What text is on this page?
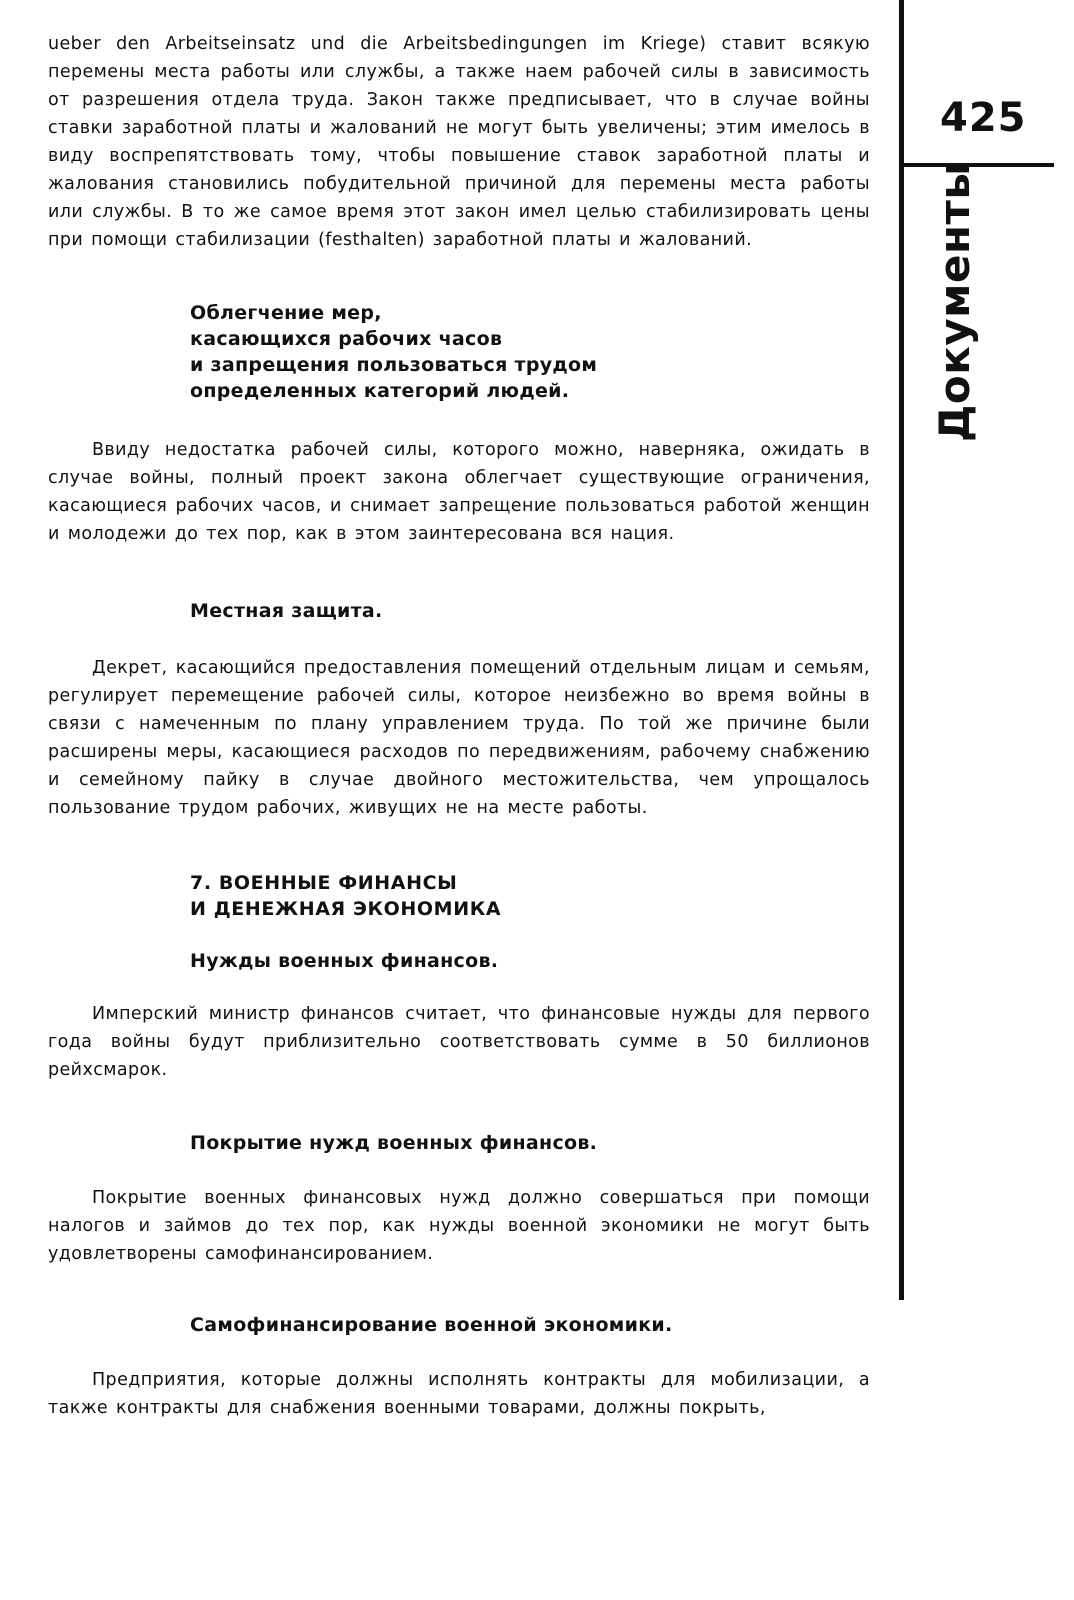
ueber den Arbeitseinsatz und die Arbeitsbedingungen im Kriege) ставит всякую перемены места работы или службы, а также наем рабочей силы в зависимость от разрешения отдела труда. Закон также предписывает, что в случае войны ставки заработной платы и жалований не могут быть увеличены; этим имелось в виду воспрепятствовать тому, чтобы повышение ставок заработной платы и жалования становились побудительной причиной для перемены места работы или службы. В то же самое время этот закон имел целью стабилизировать цены при помощи стабилизации (festhalten) заработной платы и жалований.

Облегчение мер,
касающихся рабочих часов
и запрещения пользоваться трудом
определенных категорий людей.

Ввиду недостатка рабочей силы, которого можно, наверняка, ожидать в случае войны, полный проект закона облегчает существующие ограничения, касающиеся рабочих часов, и снимает запрещение пользоваться работой женщин и молодежи до тех пор, как в этом заинтересована вся нация.

Местная защита.

Декрет, касающийся предоставления помещений отдельным лицам и семьям, регулирует перемещение рабочей силы, которое неизбежно во время войны в связи с намеченным по плану управлением труда. По той же причине были расширены меры, касающиеся расходов по передвижениям, рабочему снабжению и семейному пайку в случае двойного местожительства, чем упрощалось пользование трудом рабочих, живущих не на месте работы.

7. ВОЕННЫЕ ФИНАНСЫ
И ДЕНЕЖНАЯ ЭКОНОМИКА
Нужды военных финансов.

Имперский министр финансов считает, что финансовые нужды для первого года войны будут приблизительно соответствовать сумме в 50 биллионов рейхсмарок.

Покрытие нужд военных финансов.

Покрытие военных финансовых нужд должно совершаться при помощи налогов и займов до тех пор, как нужды военной экономики не могут быть удовлетворены самофинансированием.

Самофинансирование военной экономики.

Предприятия, которые должны исполнять контракты для мобилизации, а также контракты для снабжения военными товарами, должны покрыть,

425
Документы
